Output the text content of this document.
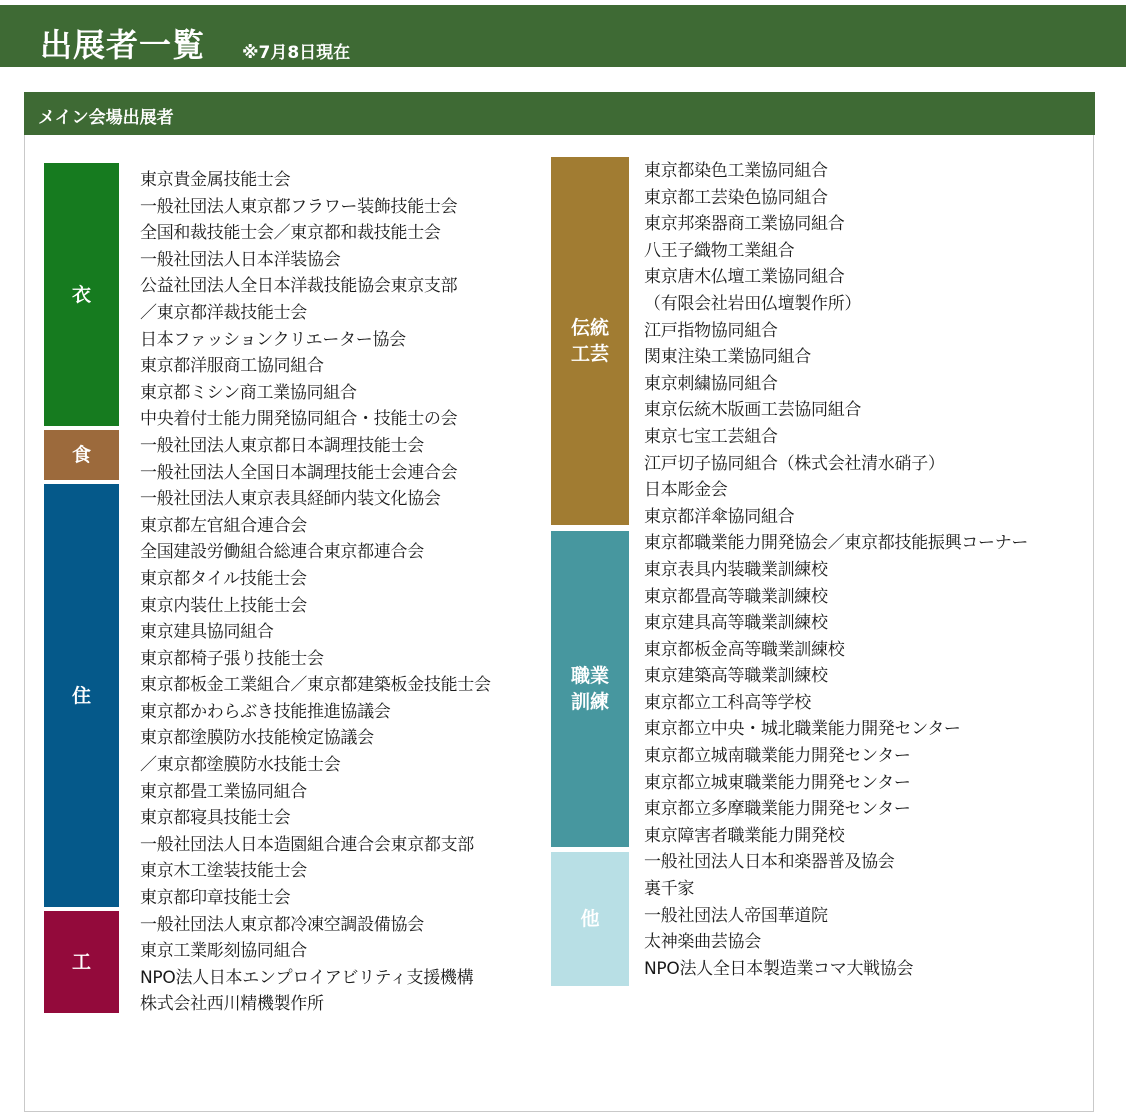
出展者一覧 ※7月8日現在
メイン会場出展者
衣
食
住
工
東京貴金属技能士会
一般社団法人東京都フラワー装飾技能士会
全国和裁技能士会／東京都和裁技能士会
一般社団法人日本洋装協会
公益社団法人全日本洋裁技能協会東京支部
／東京都洋裁技能士会
日本ファッションクリエーター協会
東京都洋服商工協同組合
東京都ミシン商工業協同組合
中央着付士能力開発協同組合・技能士の会
一般社団法人東京都日本調理技能士会
一般社団法人全国日本調理技能士会連合会
一般社団法人東京表具経師内装文化協会
東京都左官組合連合会
全国建設労働組合総連合東京都連合会
東京都タイル技能士会
東京内装仕上技能士会
東京建具協同組合
東京都椅子張り技能士会
東京都板金工業組合／東京都建築板金技能士会
東京都かわらぶき技能推進協議会
東京都塗膜防水技能検定協議会
／東京都塗膜防水技能士会
東京都畳工業協同組合
東京都寝具技能士会
一般社団法人日本造園組合連合会東京都支部
東京木工塗装技能士会
東京都印章技能士会
一般社団法人東京都冷凍空調設備協会
東京工業彫刻協同組合
NPO法人日本エンプロイアビリティ支援機構
株式会社西川精機製作所
伝統
工芸
職業
訓練
他
東京都染色工業協同組合
東京都工芸染色協同組合
東京邦楽器商工業協同組合
八王子織物工業組合
東京唐木仏壇工業協同組合
（有限会社岩田仏壇製作所）
江戸指物協同組合
関東注染工業協同組合
東京刺繍協同組合
東京伝統木版画工芸協同組合
東京七宝工芸組合
江戸切子協同組合（株式会社清水硝子）
日本彫金会
東京都洋傘協同組合
東京都職業能力開発協会／東京都技能振興コーナー
東京表具内装職業訓練校
東京都畳高等職業訓練校
東京建具高等職業訓練校
東京都板金高等職業訓練校
東京建築高等職業訓練校
東京都立工科高等学校
東京都立中央・城北職業能力開発センター
東京都立城南職業能力開発センター
東京都立城東職業能力開発センター
東京都立多摩職業能力開発センター
東京障害者職業能力開発校
一般社団法人日本和楽器普及協会
裏千家
一般社団法人帝国華道院
太神楽曲芸協会
NPO法人全日本製造業コマ大戦協会
